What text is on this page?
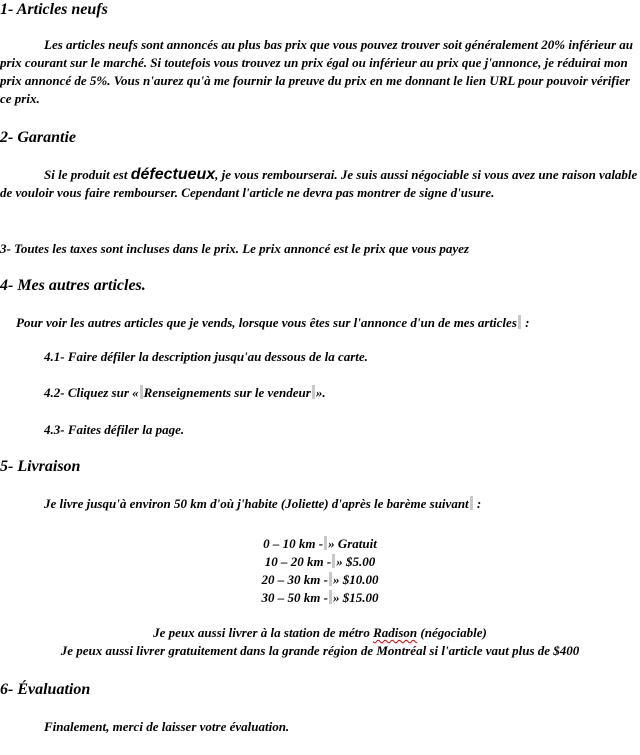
1- Articles neufs

Les articles neufs sont annoncés au plus bas prix que vous pouvez trouver soit généralement 20% inférieur au prix courant sur le marché. Si toutefois vous trouvez un prix égal ou inférieur au prix que j'annonce, je réduirai mon prix annoncé de 5%. Vous n'aurez qu'à me fournir la preuve du prix en me donnant le lien URL pour pouvoir vérifier ce prix.

2- Garantie

Si le produit est défectueux, je vous rembourserai. Je suis aussi négociable si vous avez une raison valable de vouloir vous faire rembourser. Cependant l'article ne devra pas montrer de signe d'usure.

3- Toutes les taxes sont incluses dans le prix. Le prix annoncé est le prix que vous payez

4- Mes autres articles.

Pour voir les autres articles que je vends, lorsque vous êtes sur l'annonce d'un de mes articles :

4.1- Faire défiler la description jusqu'au dessous de la carte.

4.2- Cliquez sur « Renseignements sur le vendeur ».

4.3- Faites défiler la page.

5- Livraison

Je livre jusqu'à environ 50 km d'où j'habite (Joliette) d'après le barème suivant :

0 – 10 km - » Gratuit

10 – 20 km - » $5.00

20 – 30 km - » $10.00

30 – 50 km - » $15.00

Je peux aussi livrer à la station de métro Radison (négociable)

Je peux aussi livrer gratuitement dans la grande région de Montréal si l'article vaut plus de $400

6- Évaluation

Finalement, merci de laisser votre évaluation.
